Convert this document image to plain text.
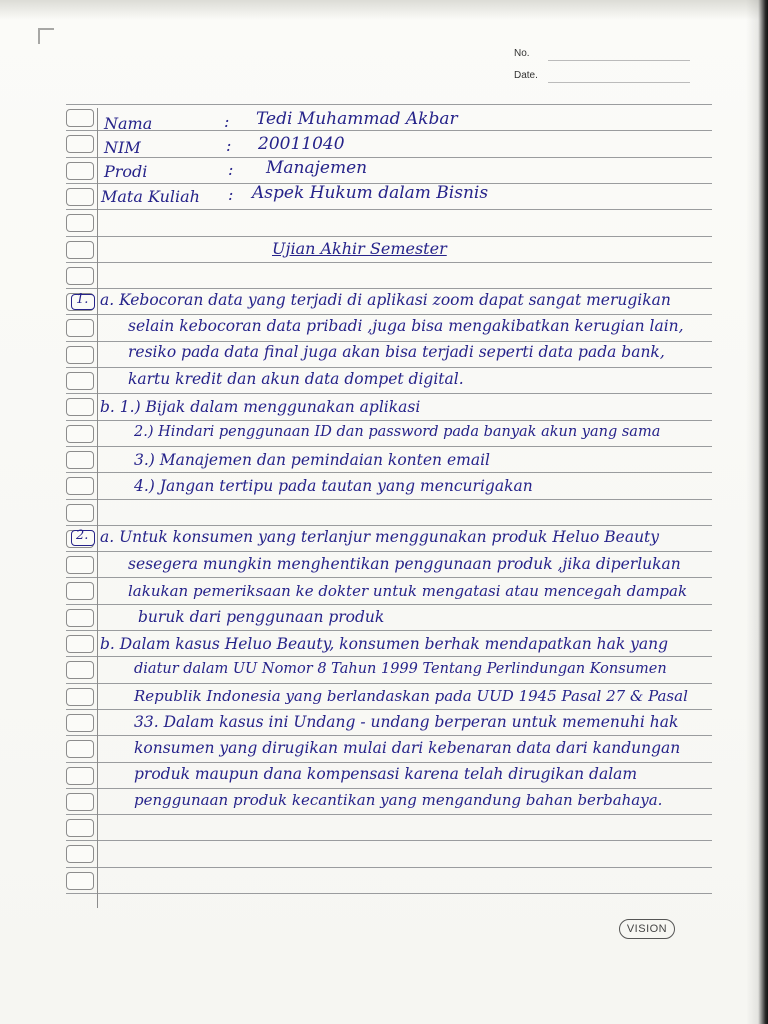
No.
Date.
Nama	: Tedi Muhammad Akbar
NIM	: 20011040
Prodi	: Manajemen
Mata Kuliah : Aspek Hukum dalam Bisnis
Ujian Akhir Semester
1. a. Kebocoran data yang terjadi di aplikasi zoom dapat sangat merugikan
selain kebocoran data pribadi ,juga bisa mengakibatkan kerugian lain,
resiko pada data final juga akan bisa terjadi seperti data pada bank,
kartu kredit dan akun data dompet digital.
b. 1.) Bijak dalam menggunakan aplikasi
2.) Hindari penggunaan ID dan password pada banyak akun yang sama
3.) Manajemen dan pemindaian konten email
4.) Jangan tertipu pada tautan yang mencurigakan
2. a. Untuk konsumen yang terlanjur menggunakan produk Heluo Beauty
sesegera mungkin menghentikan penggunaan produk ,jika diperlukan
lakukan pemeriksaan ke dokter untuk mengatasi atau mencegah dampak
buruk dari penggunaan produk
b. Dalam kasus Heluo Beauty, konsumen berhak mendapatkan hak yang
diatur dalam UU Nomor 8 Tahun 1999 Tentang Perlindungan Konsumen
Republik Indonesia yang berlandaskan pada UUD 1945 Pasal 27 & Pasal
33. Dalam kasus ini Undang - undang berperan untuk memenuhi hak
konsumen yang dirugikan mulai dari kebenaran data dari kandungan
produk maupun dana kompensasi karena telah dirugikan dalam
penggunaan produk kecantikan yang mengandung bahan berbahaya.
VISION
